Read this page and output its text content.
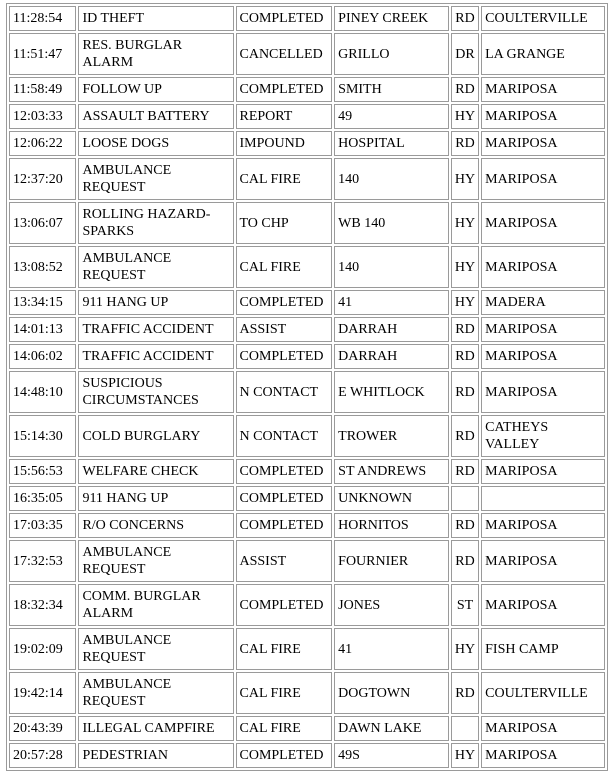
11:28:54	ID THEFT	COMPLETED	PINEY CREEK	RD	COULTERVILLE
11:51:47	RES. BURGLAR ALARM	CANCELLED	GRILLO	DR	LA GRANGE
11:58:49	FOLLOW UP	COMPLETED	SMITH	RD	MARIPOSA
12:03:33	ASSAULT BATTERY	REPORT	49	HY	MARIPOSA
12:06:22	LOOSE DOGS	IMPOUND	HOSPITAL	RD	MARIPOSA
12:37:20	AMBULANCE REQUEST	CAL FIRE	140	HY	MARIPOSA
13:06:07	ROLLING HAZARD-SPARKS	TO CHP	WB 140	HY	MARIPOSA
13:08:52	AMBULANCE REQUEST	CAL FIRE	140	HY	MARIPOSA
13:34:15	911 HANG UP	COMPLETED	41	HY	MADERA
14:01:13	TRAFFIC ACCIDENT	ASSIST	DARRAH	RD	MARIPOSA
14:06:02	TRAFFIC ACCIDENT	COMPLETED	DARRAH	RD	MARIPOSA
14:48:10	SUSPICIOUS CIRCUMSTANCES	N CONTACT	E WHITLOCK	RD	MARIPOSA
15:14:30	COLD BURGLARY	N CONTACT	TROWER	RD	CATHEYS VALLEY
15:56:53	WELFARE CHECK	COMPLETED	ST ANDREWS	RD	MARIPOSA
16:35:05	911 HANG UP	COMPLETED	UNKNOWN		
17:03:35	R/O CONCERNS	COMPLETED	HORNITOS	RD	MARIPOSA
17:32:53	AMBULANCE REQUEST	ASSIST	FOURNIER	RD	MARIPOSA
18:32:34	COMM. BURGLAR ALARM	COMPLETED	JONES	ST	MARIPOSA
19:02:09	AMBULANCE REQUEST	CAL FIRE	41	HY	FISH CAMP
19:42:14	AMBULANCE REQUEST	CAL FIRE	DOGTOWN	RD	COULTERVILLE
20:43:39	ILLEGAL CAMPFIRE	CAL FIRE	DAWN LAKE		MARIPOSA
20:57:28	PEDESTRIAN	COMPLETED	49S	HY	MARIPOSA
